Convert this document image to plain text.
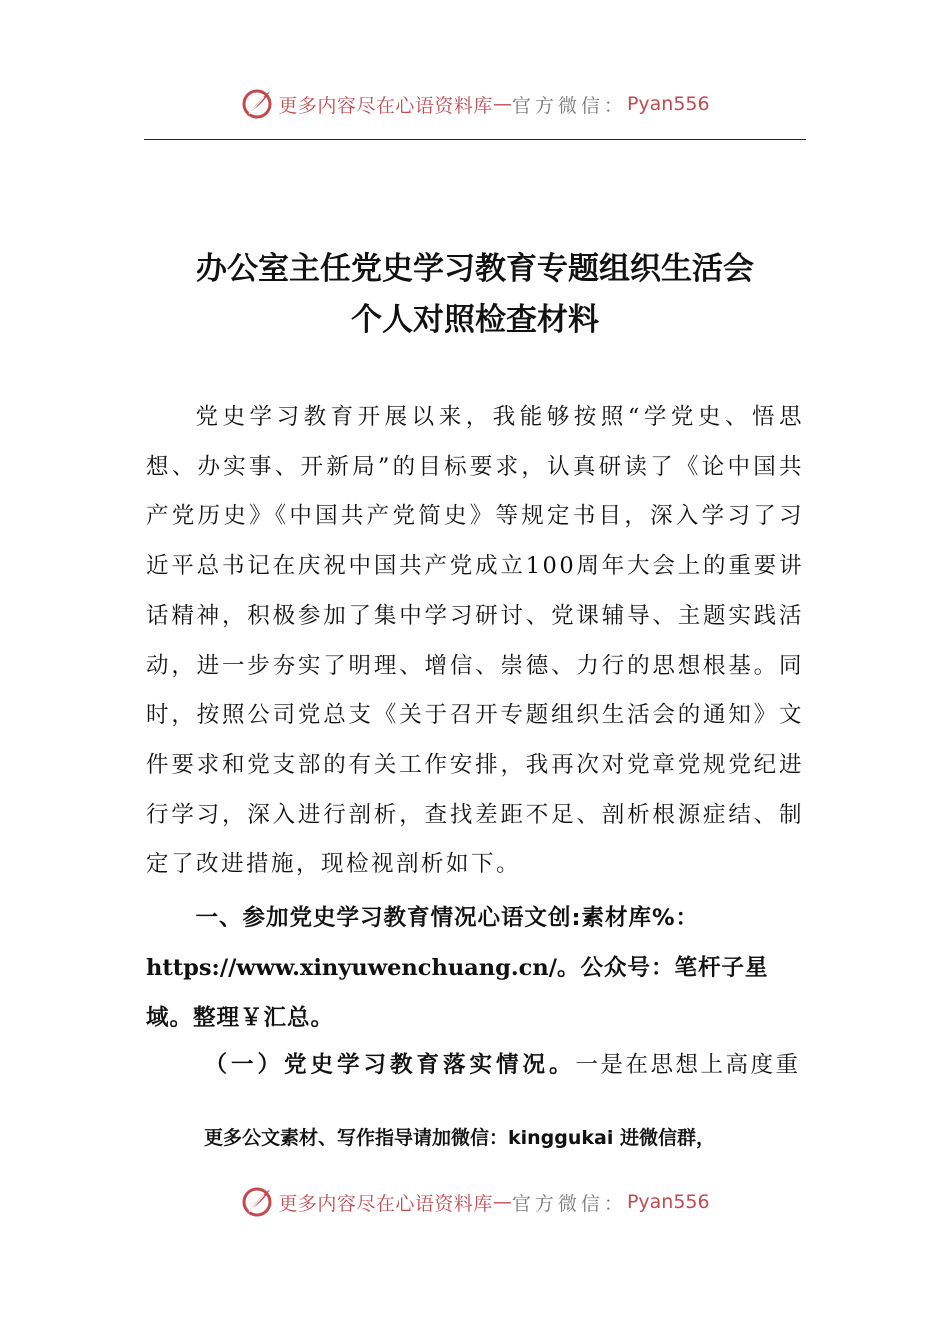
更多内容尽在心语资料库 — 官方微信： Pyan556
办公室主任党史学习教育专题组织生活会
个人对照检查材料

党史学习教育开展以来，我能够按照“学党史、悟思想、办实事、开新局”的目标要求，认真研读了《论中国共产党历史》《中国共产党简史》等规定书目，深入学习了习近平总书记在庆祝中国共产党成立100周年大会上的重要讲话精神，积极参加了集中学习研讨、党课辅导、主题实践活动，进一步夯实了明理、增信、崇德、力行的思想根基。同时，按照公司党总支《关于召开专题组织生活会的通知》文件要求和党支部的有关工作安排，我再次对党章党规党纪进行学习，深入进行剖析，查找差距不足、剖析根源症结、制定了改进措施，现检视剖析如下。

一、参加党史学习教育情况心语文创:素材库%：https://www.xinyuwenchuang.cn/。公众号：笔杆子星域。整理￥汇总。

（一）党史学习教育落实情况。一是在思想上高度重

更多公文素材、写作指导请加微信：kinggukai 进微信群，
更多内容尽在心语资料库 — 官方微信： Pyan556
